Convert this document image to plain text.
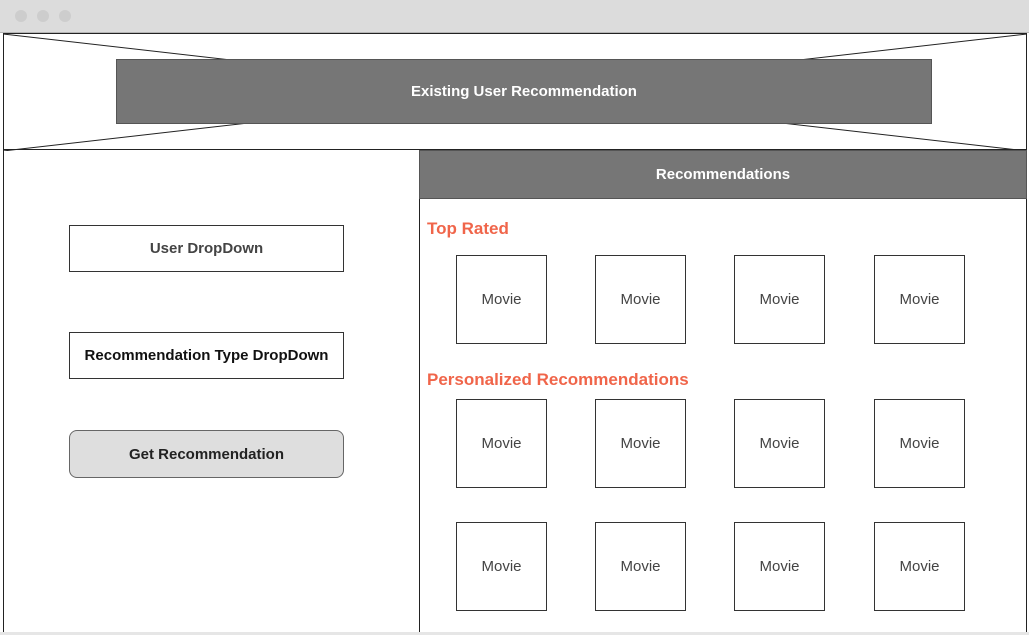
Existing User Recommendation
User DropDown
Recommendation Type DropDown
Get Recommendation
Recommendations
Top Rated
Movie	Movie	Movie	Movie
Personalized Recommendations
Movie	Movie	Movie	Movie
Movie	Movie	Movie	Movie
